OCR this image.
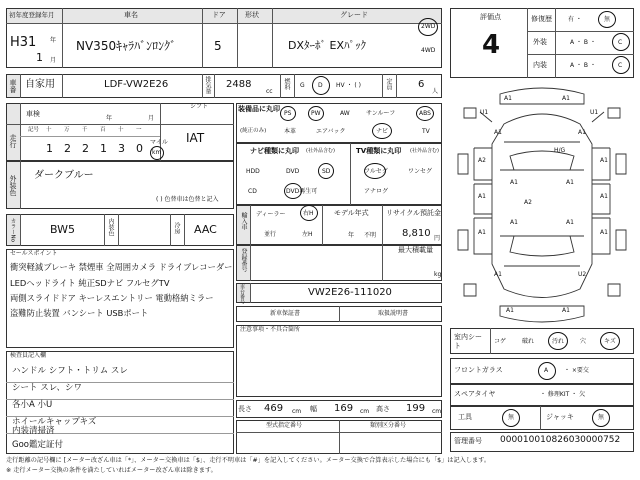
初年度登録年月	車名	ドア	形状	グレード
H31 年
1 月
NV350ｷｬﾗﾊﾞﾝﾛﾝｸﾞ	5	DXﾀｰﾎﾞ EXﾊﾟｯｸ
2WD
4WD
評価点
4
修復歴	有 ・	無
外装	A ・ B ・	C
内装	A ・ B ・	C
車番 自家用	LDF-VW2E26	排気量 2488
cc
燃料 G D HV ・ ( )	定員	6
人
車検
年	月
シフト
IAT
走行
記号 十 万 千 百 十 一
1 2 2 1 3 0 マイル
km
外装色 ダークブルー
( ) 色替車は色替と記入
カラーNo	BW5	内装色	冷房 AAC
セールスポイント
衝突軽減ブレーキ 禁煙車 全周囲カメラ ドライブレコーダー
LEDヘッドライト 純正SDナビ フルセグTV
両側スライドドア キーレスエントリー 電動格納ミラー
盗難防止装置 バンシート USBポート
検査員記入欄
ハンドル シフト・トリム スレ
シート スレ、シワ
各小A 小U
ホイールキャップキズ
内装清掃済
Goo鑑定証付
装備品に丸印
(純正のみ)
PS	PW	AW	サンルーフ	ABS
本革	エアバック	ナビ	TV
ナビ種類に丸印 (社外品含む)
HDD	DVD	SD
CD	DVD再生可
TV種類に丸印 (社外品含む)
フルセグ	ワンセグ
アナログ
輸入車 ディーラー	右H
並行	左H
モデル年式
年 不明
リサイクル預託金
8,810 円
登録番号	最大積載量
kg
車台番号	VW2E26-111020
新車保証書	取扱説明書
注意事項・不具合箇所
長さ 469 cm 幅 169 cm 高さ 199 cm
型式指定番号	類別区分番号
A1	A1
A2
A1	A1
A1
A1	A1
A1	A1
A2
A1	U2
U1	U1
A1	A1
A1	A1
A1	A1
H/G
室内シート
コゲ	破れ	汚れ	穴	キズ
フロントガラス	A	・ ×要交
スペアタイヤ	・ 修理KIT ・ 欠
工具	無	ジャッキ	無
管理番号 000010010826030000752
走行距離の記号欄に [メーター改ざん車は「*」、メーター交換車は「$」、走行不明車は「#」を記入してください。メーター交換で合算表示した場合にも「$」は記入します。
※ 走行メーター交換の条件を満たしていればメーター改ざん車は除きます。
